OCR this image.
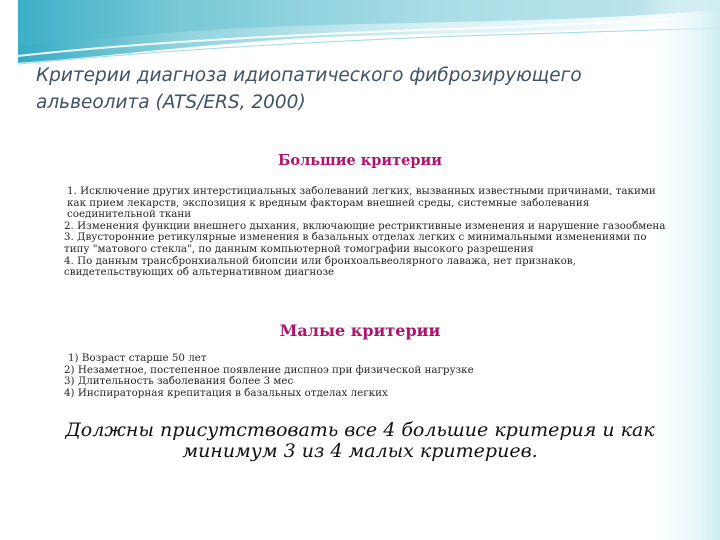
Критерии диагноза идиопатического фиброзирующего альвеолита (ATS/ERS, 2000)
Большие критерии

1. Исключение других интерстициальных заболеваний легких, вызванных известными причинами, такими как прием лекарств, экспозиция к вредным факторам внешней среды, системные заболевания соединительной ткани

2. Изменения функции внешнего дыхания, включающие рестриктивные изменения и нарушение газообмена

3. Двусторонние ретикулярные изменения в базальных отделах легких с минимальными изменениями по типу "матового стекла", по данным компьютерной томографии высокого разрешения

4. По данным трансбронхиальной биопсии или бронхоальвеолярного лаважа, нет признаков, свидетельствующих об альтернативном диагнозе

Малые критерии

1) Возраст старше 50 лет

2) Незаметное, постепенное появление диспноэ при физической нагрузке

3) Длительность заболевания более 3 мес

4) Инспираторная крепитация в базальных отделах легких

Должны присутствовать все 4 большие критерия и как минимум 3 из 4 малых критериев.
